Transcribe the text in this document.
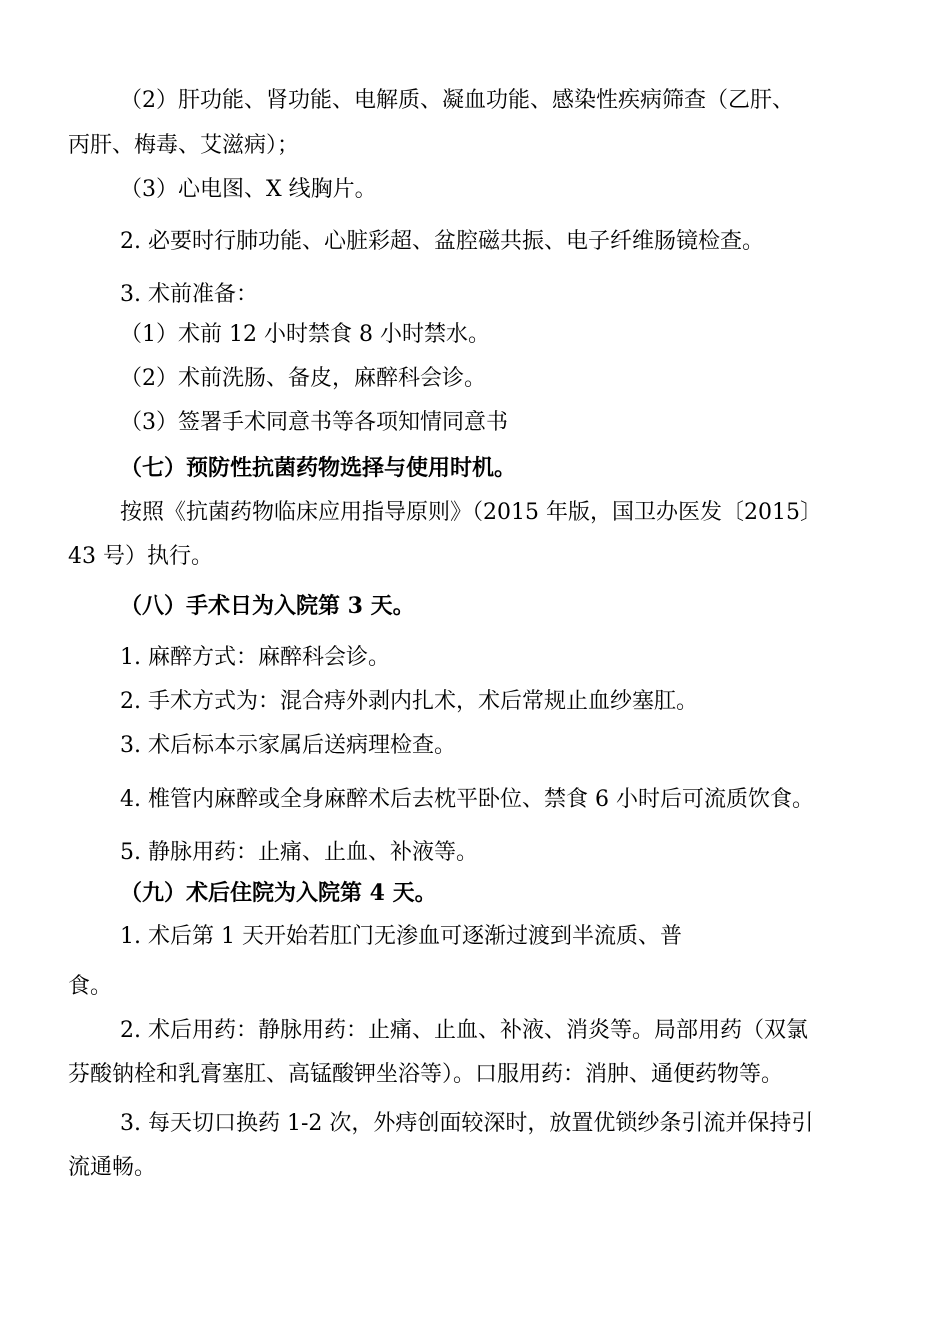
（2）肝功能、肾功能、电解质、凝血功能、感染性疾病筛查（乙肝、
丙肝、梅毒、艾滋病）；
（3）心电图、X 线胸片。
2. 必要时行肺功能、心脏彩超、盆腔磁共振、电子纤维肠镜检查。
3. 术前准备：
（1）术前 12 小时禁食 8 小时禁水。
（2）术前洗肠、备皮，麻醉科会诊。
（3）签署手术同意书等各项知情同意书
（七）预防性抗菌药物选择与使用时机。
按照《抗菌药物临床应用指导原则》（2015 年版，国卫办医发〔2015〕
43 号）执行。
（八）手术日为入院第 3 天。
1. 麻醉方式：麻醉科会诊。
2. 手术方式为：混合痔外剥内扎术，术后常规止血纱塞肛。
3. 术后标本示家属后送病理检查。
4. 椎管内麻醉或全身麻醉术后去枕平卧位、禁食 6 小时后可流质饮食。
5. 静脉用药：止痛、止血、补液等。
（九）术后住院为入院第 4 天。
1. 术后第 1 天开始若肛门无渗血可逐渐过渡到半流质、普
食。
2. 术后用药：静脉用药：止痛、止血、补液、消炎等。局部用药（双氯
芬酸钠栓和乳膏塞肛、高锰酸钾坐浴等）。口服用药：消肿、通便药物等。
3. 每天切口换药 1-2 次，外痔创面较深时，放置优锁纱条引流并保持引
流通畅。
